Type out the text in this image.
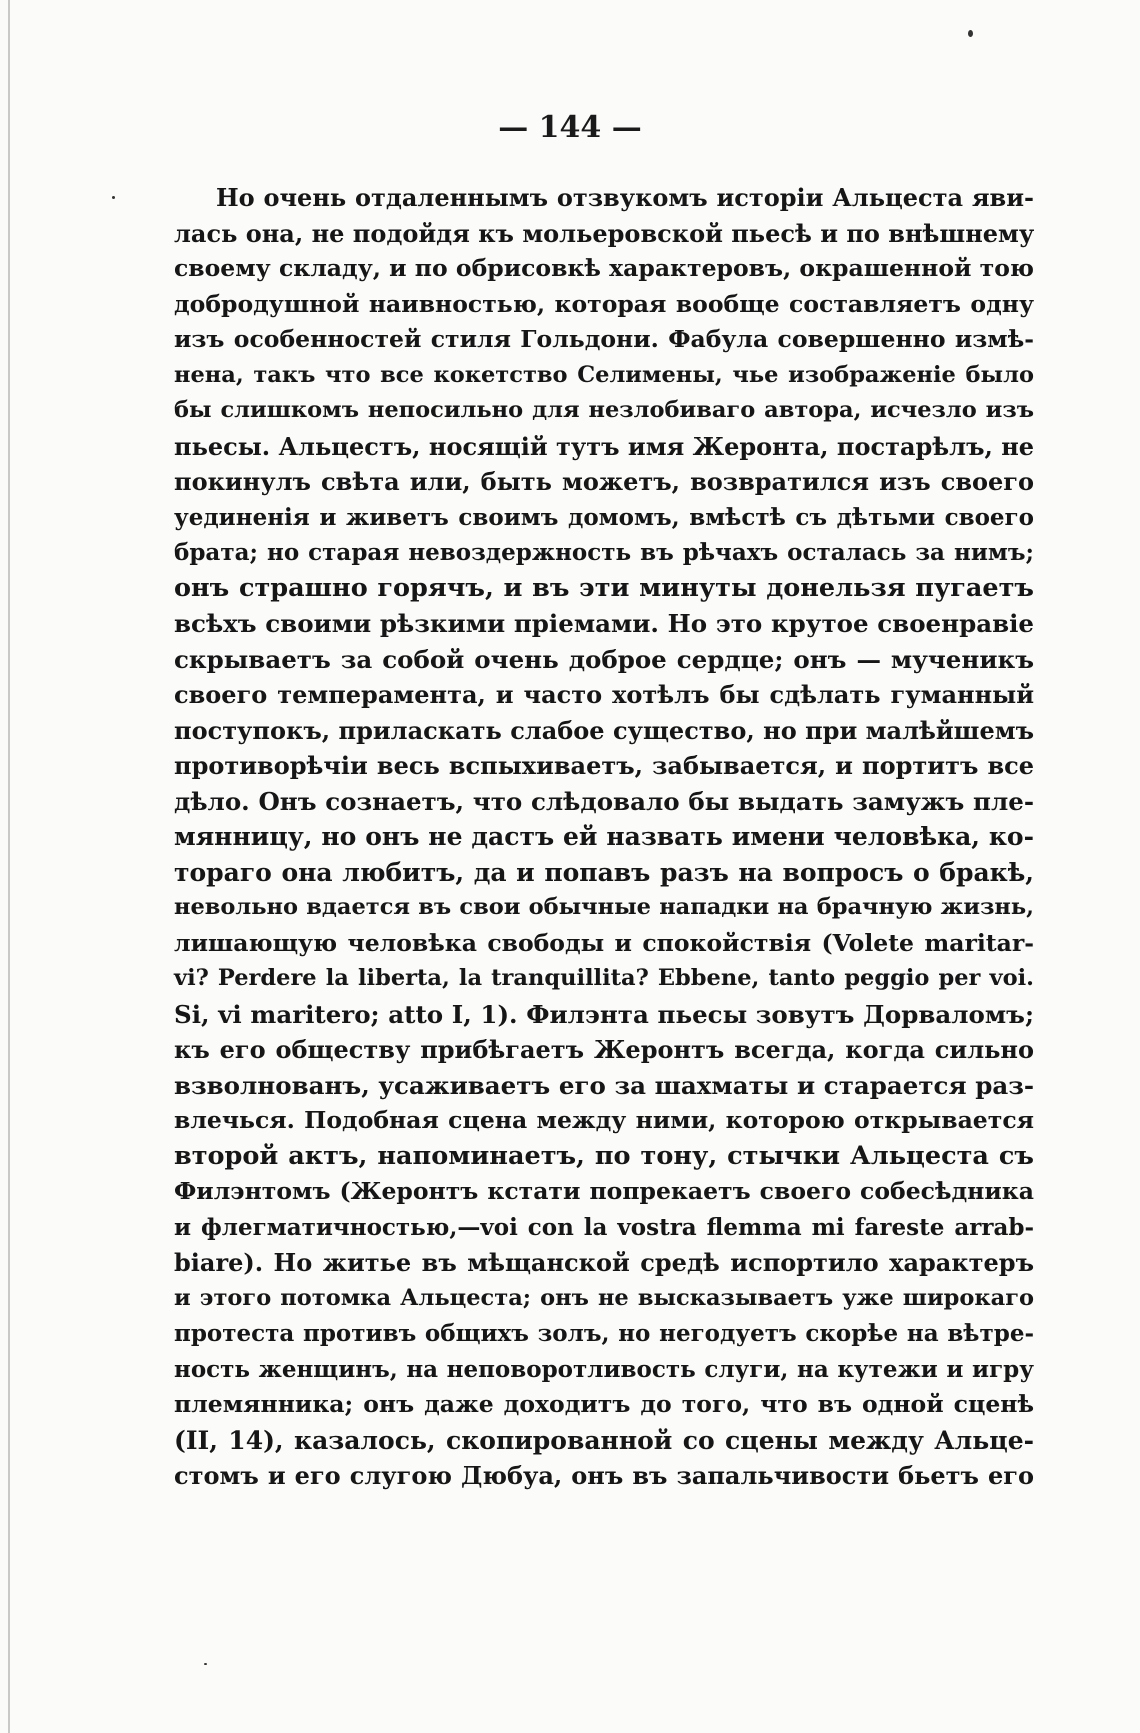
— 144 —
Но очень отдаленнымъ отзвукомъ исторіи Альцеста яви-
лась она, не подойдя къ мольеровской пьесѣ и по внѣшнему
своему складу, и по обрисовкѣ характеровъ, окрашенной тою
добродушной наивностью, которая вообще составляетъ одну
изъ особенностей стиля Гольдони. Фабула совершенно измѣ-
нена, такъ что все кокетство Селимены, чье изображеніе было
бы слишкомъ непосильно для незлобиваго автора, исчезло изъ
пьесы. Альцестъ, носящій тутъ имя Жеронта, постарѣлъ, не
покинулъ свѣта или, быть можетъ, возвратился изъ своего
уединенія и живетъ своимъ домомъ, вмѣстѣ съ дѣтьми своего
брата; но старая невоздержность въ рѣчахъ осталась за нимъ;
онъ страшно горячъ, и въ эти минуты донельзя пугаетъ
всѣхъ своими рѣзкими пріемами. Но это крутое своенравіе
скрываетъ за собой очень доброе сердце; онъ — мученикъ
своего темперамента, и часто хотѣлъ бы сдѣлать гуманный
поступокъ, приласкать слабое существо, но при малѣйшемъ
противорѣчіи весь вспыхиваетъ, забывается, и портитъ все
дѣло. Онъ сознаетъ, что слѣдовало бы выдать замужъ пле-
мянницу, но онъ не дастъ ей назвать имени человѣка, ко-
тораго она любитъ, да и попавъ разъ на вопросъ о бракѣ,
невольно вдается въ свои обычные нападки на брачную жизнь,
лишающую человѣка свободы и спокойствія (Volete maritar-
vi? Perdere la liberta, la tranquillita? Ebbene, tanto peggio per voi.
Si, vi maritero; atto I, 1). Филэнта пьесы зовутъ Дорваломъ;
къ его обществу прибѣгаетъ Жеронтъ всегда, когда сильно
взволнованъ, усаживаетъ его за шахматы и старается раз-
влечься. Подобная сцена между ними, которою открывается
второй актъ, напоминаетъ, по тону, стычки Альцеста съ
Филэнтомъ (Жеронтъ кстати попрекаетъ своего собесѣдника
и флегматичностью,—voi con la vostra flemma mi fareste arrab-
biare). Но житье въ мѣщанской средѣ испортило характеръ
и этого потомка Альцеста; онъ не высказываетъ уже широкаго
протеста противъ общихъ золъ, но негодуетъ скорѣе на вѣтре-
ность женщинъ, на неповоротливость слуги, на кутежи и игру
племянника; онъ даже доходитъ до того, что въ одной сценѣ
(II, 14), казалось, скопированной со сцены между Альце-
стомъ и его слугою Дюбуа, онъ въ запальчивости бьетъ его
